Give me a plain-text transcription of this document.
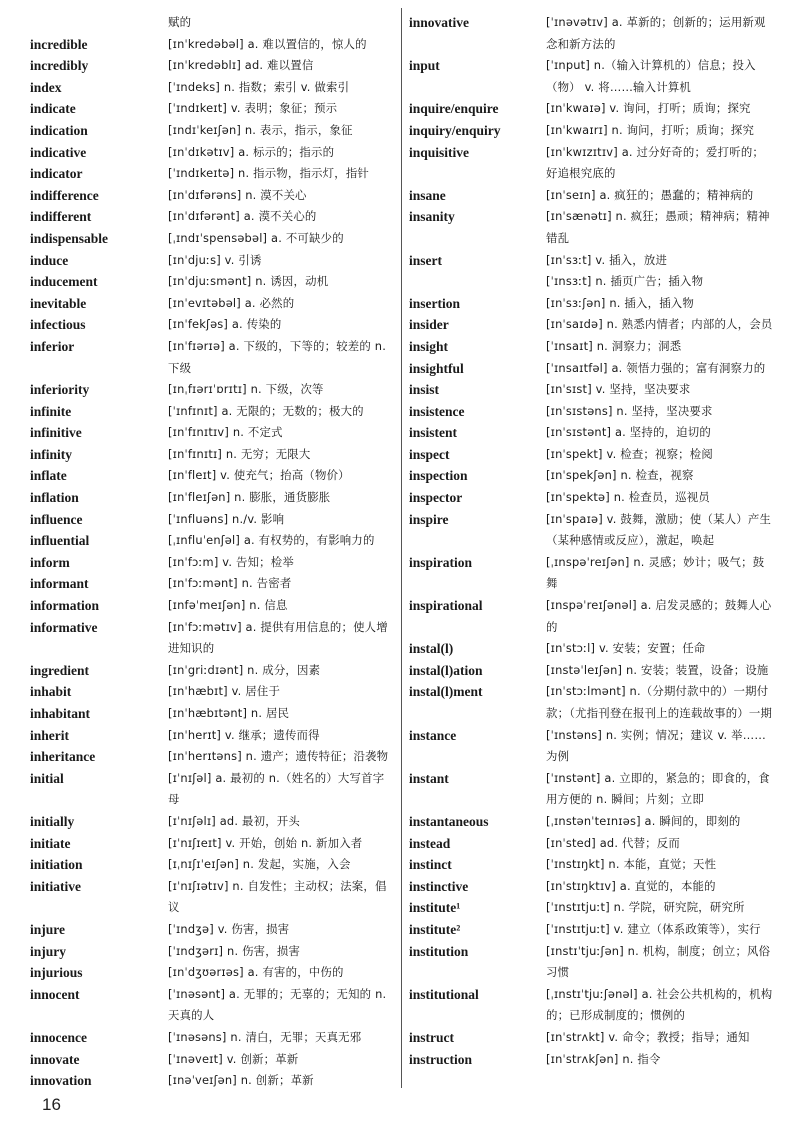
赋的
incredible	[ɪnˈkredəbəl] a. 难以置信的，惊人的
incredibly	[ɪnˈkredəblɪ] ad. 难以置信
index	[ˈɪndeks] n. 指数；索引 v. 做索引
indicate	[ˈɪndɪkeɪt] v. 表明；象征；预示
indication	[ɪndɪˈkeɪʃən] n. 表示，指示，象征
indicative	[ɪnˈdɪkətɪv] a. 标示的；指示的
indicator	[ˈɪndɪkeɪtə] n. 指示物，指示灯，指针
indifference	[ɪnˈdɪfərəns] n. 漠不关心
indifferent	[ɪnˈdɪfərənt] a. 漠不关心的
indispensable	[ˌɪndɪˈspensəbəl] a. 不可缺少的
induce	[ɪnˈdjuːs] v. 引诱
inducement	[ɪnˈdjuːsmənt] n. 诱因，动机
inevitable	[ɪnˈevɪtəbəl] a. 必然的
infectious	[ɪnˈfekʃəs] a. 传染的
inferior	[ɪnˈfɪərɪə] a. 下级的，下等的；较差的 n. 下级
inferiority	[ɪnˌfɪərɪˈɒrɪtɪ] n. 下级，次等
infinite	[ˈɪnfɪnɪt] a. 无限的；无数的；极大的
infinitive	[ɪnˈfɪnɪtɪv] n. 不定式
infinity	[ɪnˈfɪnɪtɪ] n. 无穷；无限大
inflate	[ɪnˈfleɪt] v. 使充气；抬高（物价）
inflation	[ɪnˈfleɪʃən] n. 膨胀，通货膨胀
influence	[ˈɪnfluəns] n./v. 影响
influential	[ˌɪnfluˈenʃəl] a. 有权势的，有影响力的
inform	[ɪnˈfɔːm] v. 告知；检举
informant	[ɪnˈfɔːmənt] n. 告密者
information	[ɪnfəˈmeɪʃən] n. 信息
informative	[ɪnˈfɔːmətɪv] a. 提供有用信息的；使人增进知识的
ingredient	[ɪnˈgriːdɪənt] n. 成分，因素
inhabit	[ɪnˈhæbɪt] v. 居住于
inhabitant	[ɪnˈhæbɪtənt] n. 居民
inherit	[ɪnˈherɪt] v. 继承；遗传而得
inheritance	[ɪnˈherɪtəns] n. 遗产；遗传特征；沿袭物
initial	[ɪˈnɪʃəl] a. 最初的 n.（姓名的）大写首字母
initially	[ɪˈnɪʃəlɪ] ad. 最初，开头
initiate	[ɪˈnɪʃɪeɪt] v. 开始，创始 n. 新加入者
initiation	[ɪˌnɪʃɪˈeɪʃən] n. 发起，实施，入会
initiative	[ɪˈnɪʃɪətɪv] n. 自发性；主动权；法案，倡议
injure	[ˈɪndʒə] v. 伤害，损害
injury	[ˈɪndʒərɪ] n. 伤害，损害
injurious	[ɪnˈdʒʊərɪəs] a. 有害的，中伤的
innocent	[ˈɪnəsənt] a. 无罪的；无辜的；无知的 n. 天真的人
innocence	[ˈɪnəsəns] n. 清白，无罪；天真无邪
innovate	[ˈɪnəveɪt] v. 创新；革新
innovation	[ɪnəˈveɪʃən] n. 创新；革新
innovative	[ˈɪnəvətɪv] a. 革新的；创新的；运用新观念和新方法的
input	[ˈɪnput] n.（输入计算机的）信息；投入（物） v. 将……输入计算机
inquire/enquire	[ɪnˈkwaɪə] v. 询问，打听；质询；探究
inquiry/enquiry	[ɪnˈkwaɪrɪ] n. 询问，打听；质询；探究
inquisitive	[ɪnˈkwɪzɪtɪv] a. 过分好奇的；爱打听的；好追根究底的
insane	[ɪnˈseɪn] a. 疯狂的；愚蠢的；精神病的
insanity	[ɪnˈsænətɪ] n. 疯狂；愚顽；精神病；精神错乱
insert	[ɪnˈsɜːt] v. 插入，放进
[ˈɪnsɜːt] n. 插页广告；插入物
insertion	[ɪnˈsɜːʃən] n. 插入，插入物
insider	[ɪnˈsaɪdə] n. 熟悉内情者；内部的人，会员
insight	[ˈɪnsaɪt] n. 洞察力；洞悉
insightful	[ˈɪnsaɪtfəl] a. 领悟力强的；富有洞察力的
insist	[ɪnˈsɪst] v. 坚持，坚决要求
insistence	[ɪnˈsɪstəns] n. 坚持，坚决要求
insistent	[ɪnˈsɪstənt] a. 坚持的，迫切的
inspect	[ɪnˈspekt] v. 检查；视察；检阅
inspection	[ɪnˈspekʃən] n. 检查，视察
inspector	[ɪnˈspektə] n. 检查员，巡视员
inspire	[ɪnˈspaɪə] v. 鼓舞，激励；使（某人）产生（某种感情或反应），激起，唤起
inspiration	[ˌɪnspəˈreɪʃən] n. 灵感；妙计；吸气；鼓舞
inspirational	[ɪnspəˈreɪʃənəl] a. 启发灵感的；鼓舞人心的
instal(l)	[ɪnˈstɔːl] v. 安装；安置；任命
instal(l)ation	[ɪnstəˈleɪʃən] n. 安装；装置，设备；设施
instal(l)ment	[ɪnˈstɔːlmənt] n.（分期付款中的）一期付款；（尤指刊登在报刊上的连载故事的）一期
instance	[ˈɪnstəns] n. 实例；情况；建议 v. 举……为例
instant	[ˈɪnstənt] a. 立即的，紧急的；即食的，食用方便的 n. 瞬间；片刻；立即
instantaneous	[ˌɪnstənˈteɪnɪəs] a. 瞬间的，即刻的
instead	[ɪnˈsted] ad. 代替；反而
instinct	[ˈɪnstɪŋkt] n. 本能，直觉；天性
instinctive	[ɪnˈstɪŋktɪv] a. 直觉的，本能的
institute¹	[ˈɪnstɪtjuːt] n. 学院，研究院，研究所
institute²	[ˈɪnstɪtjuːt] v. 建立（体系政策等），实行
institution	[ɪnstɪˈtjuːʃən] n. 机构，制度；创立；风俗习惯
institutional	[ˌɪnstɪˈtjuːʃənəl] a. 社会公共机构的，机构的；已形成制度的；惯例的
instruct	[ɪnˈstrʌkt] v. 命令；教授；指导；通知
instruction	[ɪnˈstrʌkʃən] n. 指令
16
